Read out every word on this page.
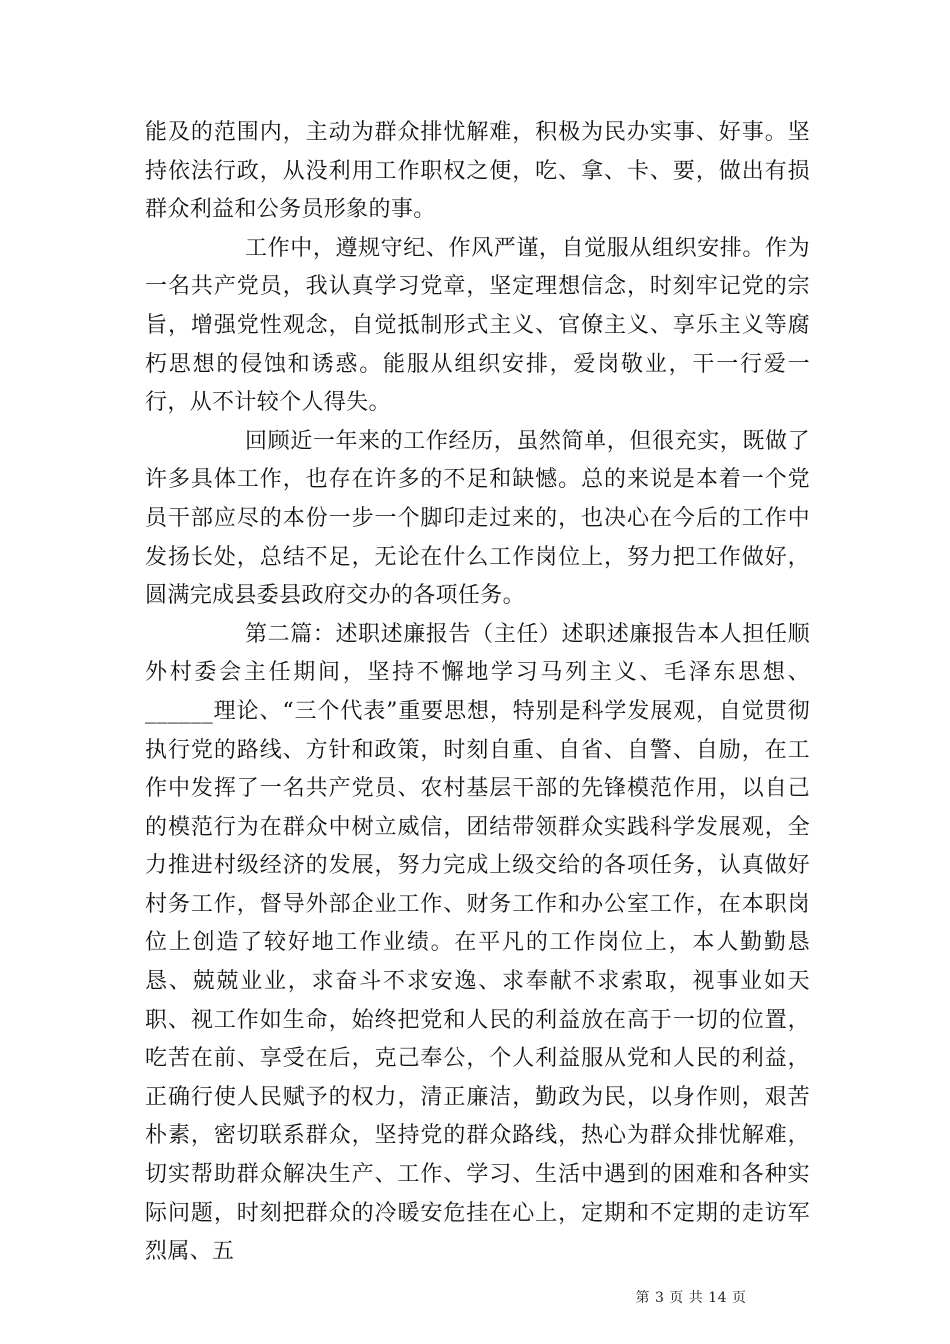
能及的范围内，主动为群众排忧解难，积极为民办实事、好事。坚持依法行政，从没利用工作职权之便，吃、拿、卡、要，做出有损群众利益和公务员形象的事。

工作中，遵规守纪、作风严谨，自觉服从组织安排。作为一名共产党员，我认真学习党章，坚定理想信念，时刻牢记党的宗旨，增强党性观念，自觉抵制形式主义、官僚主义、享乐主义等腐朽思想的侵蚀和诱惑。能服从组织安排，爱岗敬业，干一行爱一行，从不计较个人得失。

回顾近一年来的工作经历，虽然简单，但很充实，既做了许多具体工作，也存在许多的不足和缺憾。总的来说是本着一个党员干部应尽的本份一步一个脚印走过来的，也决心在今后的工作中发扬长处，总结不足，无论在什么工作岗位上，努力把工作做好，圆满完成县委县政府交办的各项任务。

第二篇：述职述廉报告（主任）述职述廉报告本人担任顺外村委会主任期间，坚持不懈地学习马列主义、毛泽东思想、______理论、“三个代表”重要思想，特别是科学发展观，自觉贯彻执行党的路线、方针和政策，时刻自重、自省、自警、自励，在工作中发挥了一名共产党员、农村基层干部的先锋模范作用，以自己的模范行为在群众中树立威信，团结带领群众实践科学发展观，全力推进村级经济的发展，努力完成上级交给的各项任务，认真做好村务工作，督导外部企业工作、财务工作和办公室工作，在本职岗位上创造了较好地工作业绩。在平凡的工作岗位上，本人勤勤恳恳、兢兢业业，求奋斗不求安逸、求奉献不求索取，视事业如天职、视工作如生命，始终把党和人民的利益放在高于一切的位置，吃苦在前、享受在后，克己奉公，个人利益服从党和人民的利益，正确行使人民赋予的权力，清正廉洁，勤政为民，以身作则，艰苦朴素，密切联系群众，坚持党的群众路线，热心为群众排忧解难，切实帮助群众解决生产、工作、学习、生活中遇到的困难和各种实际问题，时刻把群众的冷暖安危挂在心上，定期和不定期的走访军烈属、五

第 3 页 共 14 页
